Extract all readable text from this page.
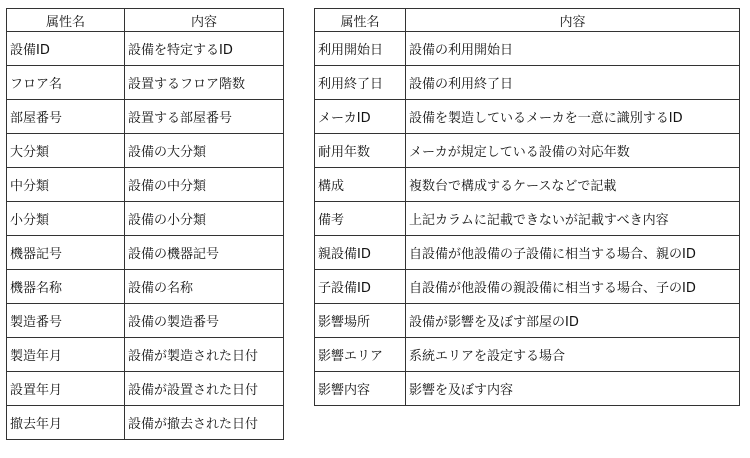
属性名	内容
設備ID	設備を特定するID
フロア名	設置するフロア階数
部屋番号	設置する部屋番号
大分類	設備の大分類
中分類	設備の中分類
小分類	設備の小分類
機器記号	設備の機器記号
機器名称	設備の名称
製造番号	設備の製造番号
製造年月	設備が製造された日付
設置年月	設備が設置された日付
撤去年月	設備が撤去された日付
属性名	内容
利用開始日	設備の利用開始日
利用終了日	設備の利用終了日
メーカID	設備を製造しているメーカを一意に識別するID
耐用年数	メーカが規定している設備の対応年数
構成	複数台で構成するケースなどで記載
備考	上記カラムに記載できないが記載すべき内容
親設備ID	自設備が他設備の子設備に相当する場合、親のID
子設備ID	自設備が他設備の親設備に相当する場合、子のID
影響場所	設備が影響を及ぼす部屋のID
影響エリア	系統エリアを設定する場合
影響内容	影響を及ぼす内容
